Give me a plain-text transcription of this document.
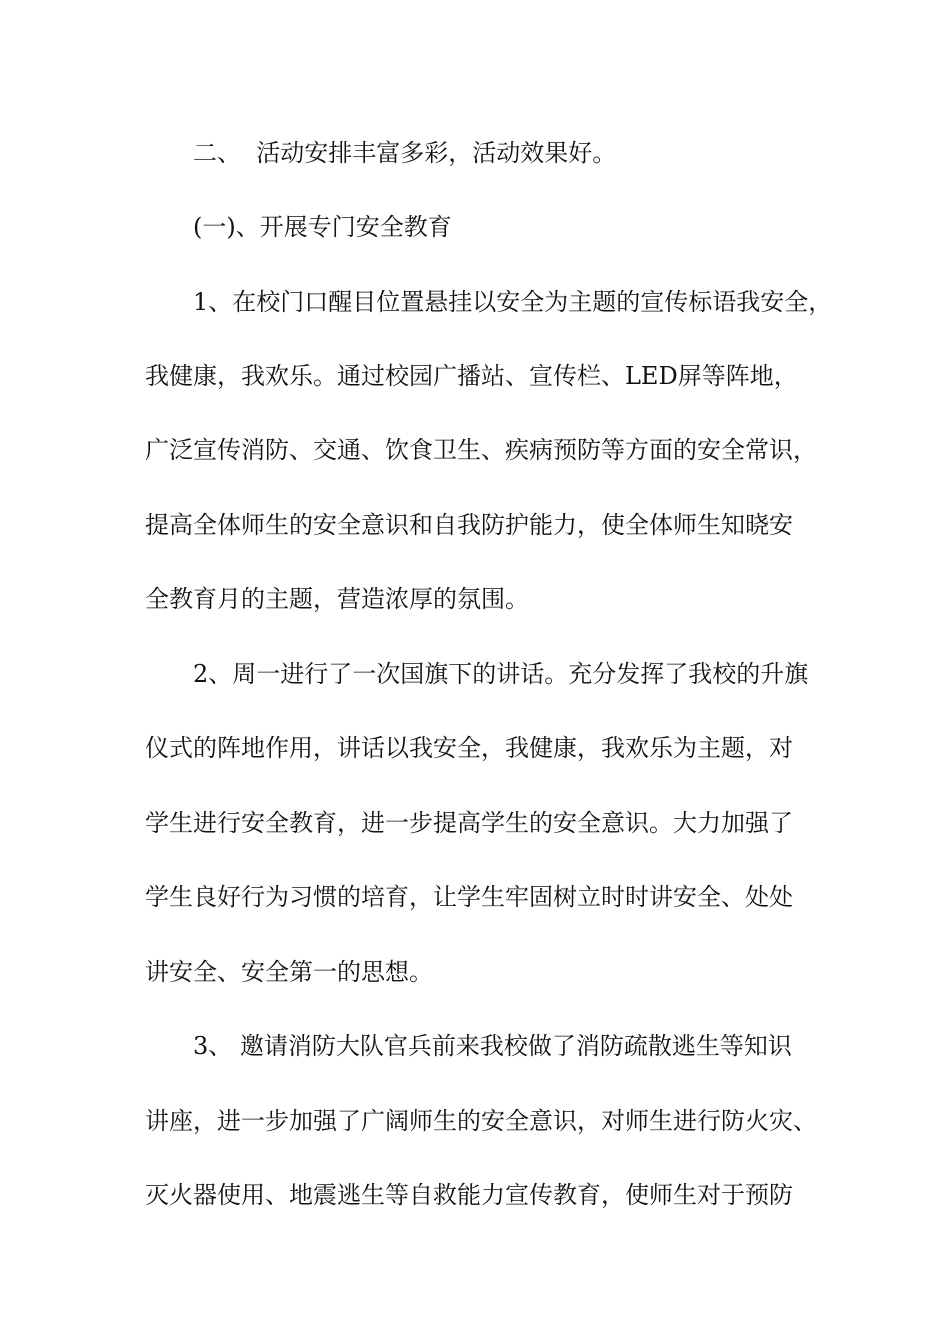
二、  活动安排丰富多彩，活动效果好。
(一)、开展专门安全教育
1、在校门口醒目位置悬挂以安全为主题的宣传标语我安全，
我健康，我欢乐。通过校园广播站、宣传栏、LED屏等阵地，
广泛宣传消防、交通、饮食卫生、疾病预防等方面的安全常识，
提高全体师生的安全意识和自我防护能力，使全体师生知晓安
全教育月的主题，营造浓厚的氛围。
2、周一进行了一次国旗下的讲话。充分发挥了我校的升旗
仪式的阵地作用，讲话以我安全，我健康，我欢乐为主题，对
学生进行安全教育，进一步提高学生的安全意识。大力加强了
学生良好行为习惯的培育，让学生牢固树立时时讲安全、处处
讲安全、安全第一的思想。
3、 邀请消防大队官兵前来我校做了消防疏散逃生等知识
讲座，进一步加强了广阔师生的安全意识，对师生进行防火灾、
灭火器使用、地震逃生等自救能力宣传教育，使师生对于预防
